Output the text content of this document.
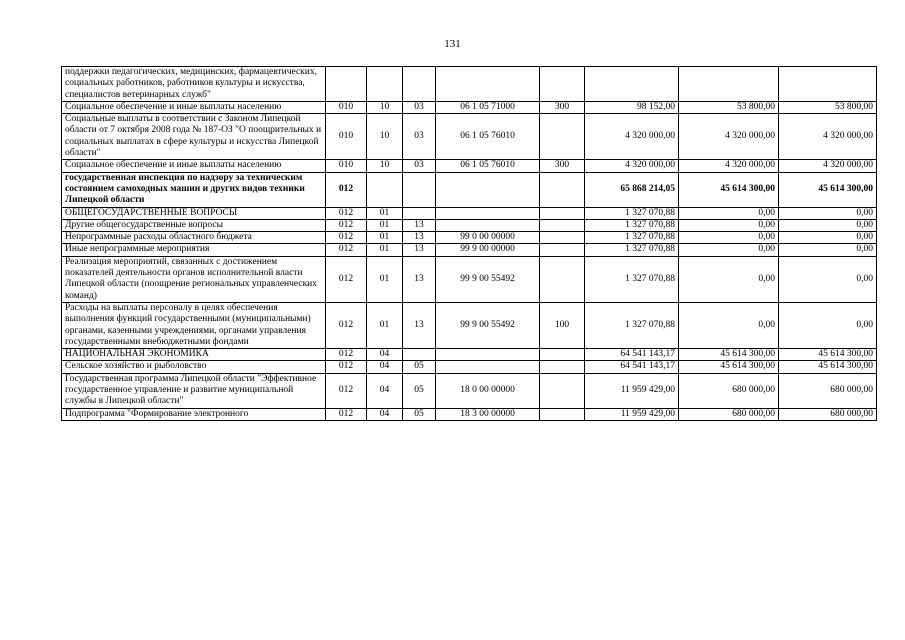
131
поддержки педагогических, медицинских, фармацевтических, социальных работников, работников культуры и искусства, специалистов ветеринарных служб"								
Социальное обеспечение и иные выплаты населению	010	10	03	06 1 05 71000	300	98 152,00	53 800,00	53 800,00
Социальные выплаты в соответствии с Законом Липецкой области от 7 октября 2008 года № 187-ОЗ "О поощрительных и социальных выплатах в сфере культуры и искусства Липецкой области"	010	10	03	06 1 05 76010		4 320 000,00	4 320 000,00	4 320 000,00
Социальное обеспечение и иные выплаты населению	010	10	03	06 1 05 76010	300	4 320 000,00	4 320 000,00	4 320 000,00
государственная инспекция по надзору за техническим состоянием самоходных машин и других видов техники Липецкой области	012					65 868 214,05	45 614 300,00	45 614 300,00
ОБЩЕГОСУДАРСТВЕННЫЕ ВОПРОСЫ	012	01				1 327 070,88	0,00	0,00
Другие общегосударственные вопросы	012	01	13			1 327 070,88	0,00	0,00
Непрограммные расходы областного бюджета	012	01	13	99 0 00 00000		1 327 070,88	0,00	0,00
Иные непрограммные мероприятия	012	01	13	99 9 00 00000		1 327 070,88	0,00	0,00
Реализация мероприятий, связанных с достижением показателей деятельности органов исполнительной власти Липецкой области (поощрение региональных управленческих команд)	012	01	13	99 9 00 55492		1 327 070,88	0,00	0,00
Расходы на выплаты персоналу в целях обеспечения выполнения функций государственными (муниципальными) органами, казенными учреждениями, органами управления государственными внебюджетными фондами	012	01	13	99 9 00 55492	100	1 327 070,88	0,00	0,00
НАЦИОНАЛЬНАЯ ЭКОНОМИКА	012	04				64 541 143,17	45 614 300,00	45 614 300,00
Сельское хозяйство и рыболовство	012	04	05			64 541 143,17	45 614 300,00	45 614 300,00
Государственная программа Липецкой области "Эффективное государственное управление и развитие муниципальной службы в Липецкой области"	012	04	05	18 0 00 00000		11 959 429,00	680 000,00	680 000,00
Подпрограмма "Формирование электронного	012	04	05	18 3 00 00000		11 959 429,00	680 000,00	680 000,00
